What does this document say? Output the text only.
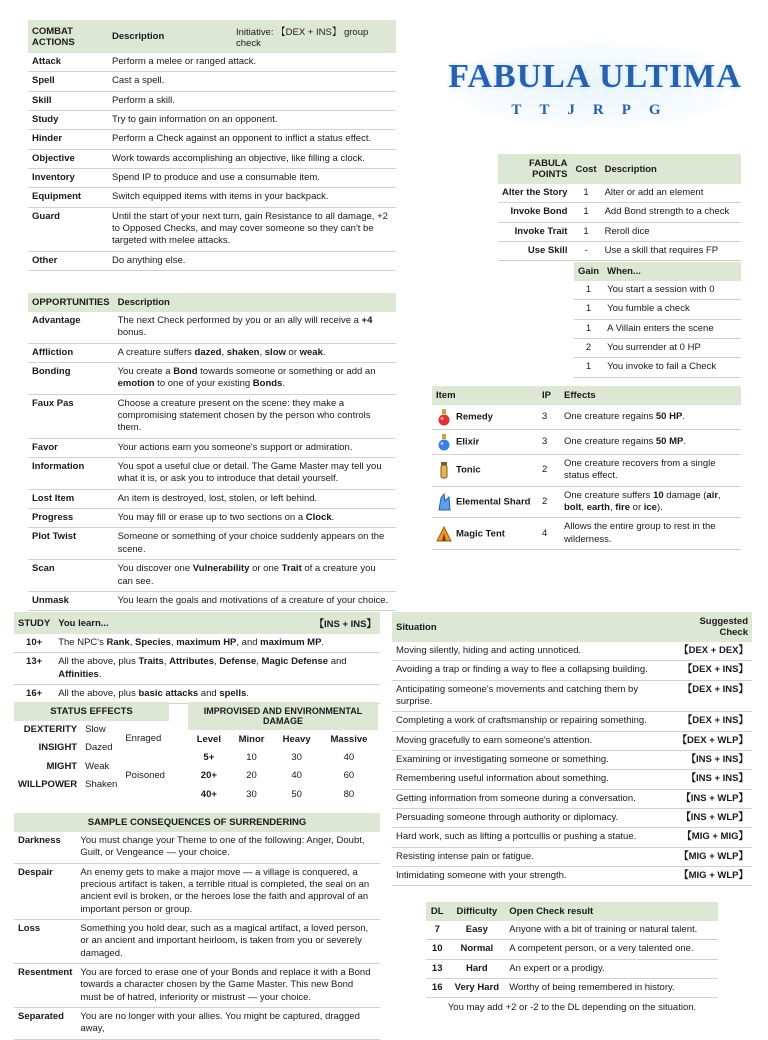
COMBAT ACTIONS	Description	Initiative: 【DEX + INS】 group check
Attack	Perform a melee or ranged attack.	
Spell	Cast a spell.	
Skill	Perform a skill.	
Study	Try to gain information on an opponent.	
Hinder	Perform a Check against an opponent to inflict a status effect.	
Objective	Work towards accomplishing an objective, like filling a clock.	
Inventory	Spend IP to produce and use a consumable item.	
Equipment	Switch equipped items with items in your backpack.	
Guard	Until the start of your next turn, gain Resistance to all damage, +2 to Opposed Checks, and may cover someone so they can't be targeted with melee attacks.	
Other	Do anything else.	
OPPORTUNITIES	Description
Advantage	The next Check performed by you or an ally will receive a +4 bonus.
Affliction	A creature suffers dazed, shaken, slow or weak.
Bonding	You create a Bond towards someone or something or add an emotion to one of your existing Bonds.
Faux Pas	Choose a creature present on the scene: they make a compromising statement chosen by the person who controls them.
Favor	Your actions earn you someone's support or admiration.
Information	You spot a useful clue or detail. The Game Master may tell you what it is, or ask you to introduce that detail yourself.
Lost Item	An item is destroyed, lost, stolen, or left behind.
Progress	You may fill or erase up to two sections on a Clock.
Plot Twist	Someone or something of your choice suddenly appears on the scene.
Scan	You discover one Vulnerability or one Trait of a creature you can see.
Unmask	You learn the goals and motivations of a creature of your choice.
FABULA ULTIMA
TTJRPG
FABULA POINTS	Cost	Description
Alter the Story	1	Alter or add an element
Invoke Bond	1	Add Bond strength to a check
Invoke Trait	1	Reroll dice
Use Skill	-	Use a skill that requires FP
Gain	When...
1	You start a session with 0
1	You fumble a check
1	A Villain enters the scene
2	You surrender at 0 HP
1	You invoke to fail a Check
Item	IP	Effects
Remedy	3	One creature regains 50 HP.
Elixir	3	One creature regains 50 MP.
Tonic	2	One creature recovers from a single status effect.
Elemental Shard	2	One creature suffers 10 damage (air, bolt, earth, fire or ice).
Magic Tent	4	Allows the entire group to rest in the wilderness.
STUDY	You learn...	【INS + INS】
10+	The NPC's Rank, Species, maximum HP, and maximum MP.	
13+	All the above, plus Traits, Attributes, Defense, Magic Defense and Affinities.	
16+	All the above, plus basic attacks and spells.	
STATUS EFFECTS		
DEXTERITY	Slow	Enraged
INSIGHT	Dazed	
MIGHT	Weak	Poisoned
WILLPOWER	Shaken	
IMPROVISED AND ENVIRONMENTAL DAMAGE			
Level	Minor	Heavy	Massive
5+	10	30	40
20+	20	40	60
40+	30	50	80
SAMPLE CONSEQUENCES OF SURRENDERING	
Darkness	You must change your Theme to one of the following: Anger, Doubt, Guilt, or Vengeance — your choice.
Despair	An enemy gets to make a major move — a village is conquered, a precious artifact is taken, a terrible ritual is completed, the seal on an ancient evil is broken, or the heroes lose the faith and approval of an important person or group.
Loss	Something you hold dear, such as a magical artifact, a loved person, or an ancient and important heirloom, is taken from you or severely damaged.
Resentment	You are forced to erase one of your Bonds and replace it with a Bond towards a character chosen by the Game Master. This new Bond must be of hatred, inferiority or mistrust — your choice.
Separated	You are no longer with your allies. You might be captured, dragged away,
Situation	Suggested Check
Moving silently, hiding and acting unnoticed.	【DEX + DEX】
Avoiding a trap or finding a way to flee a collapsing building.	【DEX + INS】
Anticipating someone's movements and catching them by surprise.	【DEX + INS】
Completing a work of craftsmanship or repairing something.	【DEX + INS】
Moving gracefully to earn someone's attention.	【DEX + WLP】
Examining or investigating someone or something.	【INS + INS】
Remembering useful information about something.	【INS + INS】
Getting information from someone during a conversation.	【INS + WLP】
Persuading someone through authority or diplomacy.	【INS + WLP】
Hard work, such as lifting a portcullis or pushing a statue.	【MIG + MIG】
Resisting intense pain or fatigue.	【MIG + WLP】
Intimidating someone with your strength.	【MIG + WLP】
DL	Difficulty	Open Check result
7	Easy	Anyone with a bit of training or natural talent.
10	Normal	A competent person, or a very talented one.
13	Hard	An expert or a prodigy.
16	Very Hard	Worthy of being remembered in history.
You may add +2 or -2 to the DL depending on the situation.
